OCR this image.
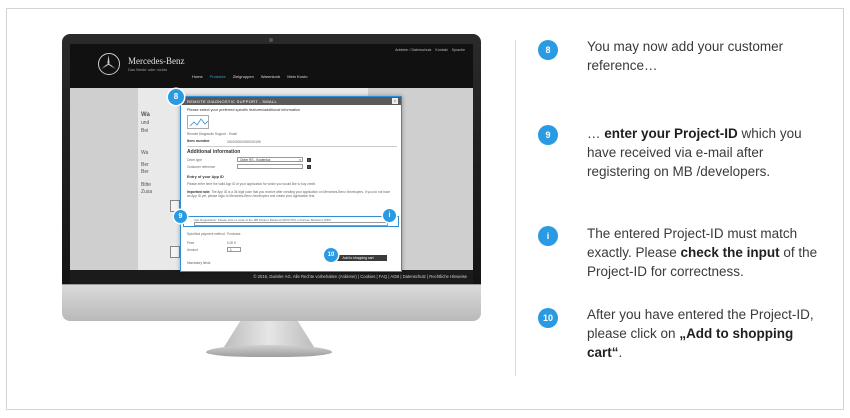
Mercedes-Benz
Das Beste oder nichts
Anbieter / Datenschutz Kontakt Sprache
Home Produkte Zielgruppen Warenkorb Mein Konto
Wa
und
Bei
Wa
Ber
Ber
Bitte
Zusa
© 2016, Daimler AG. Alle Rechte vorbehalten (Anbieter) | Cookies | FAQ | AGB | Datenschutz | Rechtliche Hinweise
REMOTE DIAGNOSTIC SUPPORT - SMALL	×
Please select your preferred specific features/additional information
Remote Diagnostic Support - Small
Item number	0000000000000000196
Additional information
Order type	Order RS - Kostenlos	▾	i
Customer reference	i
Entry of your App ID
Please enter here the valid App ID of your application for which you would like to buy credit.
Important note: The App ID is a 36 digit code that you receive after creating your application on Mercedes-Benz /developers. If you do not have an App ID yet, please login to Mercedes-Benz /developers and create your application first.
App Registration: Please enter a code of the MB Partner Backend (RDS PID) in Partner Backend (RDS
Specified payment method Purchase
Price	0,00 €
Amount	1
Mandatory fields
Add to shopping cart
8
9	i
10
8	You may now add your customer reference…
9	… enter your Project-ID which you have received via e-mail after registering on MB /developers.
i	The entered Project-ID must match exactly. Please check the input of the Project-ID for correctness.
10	After you have entered the Project-ID, please click on „Add to shopping cart“.
